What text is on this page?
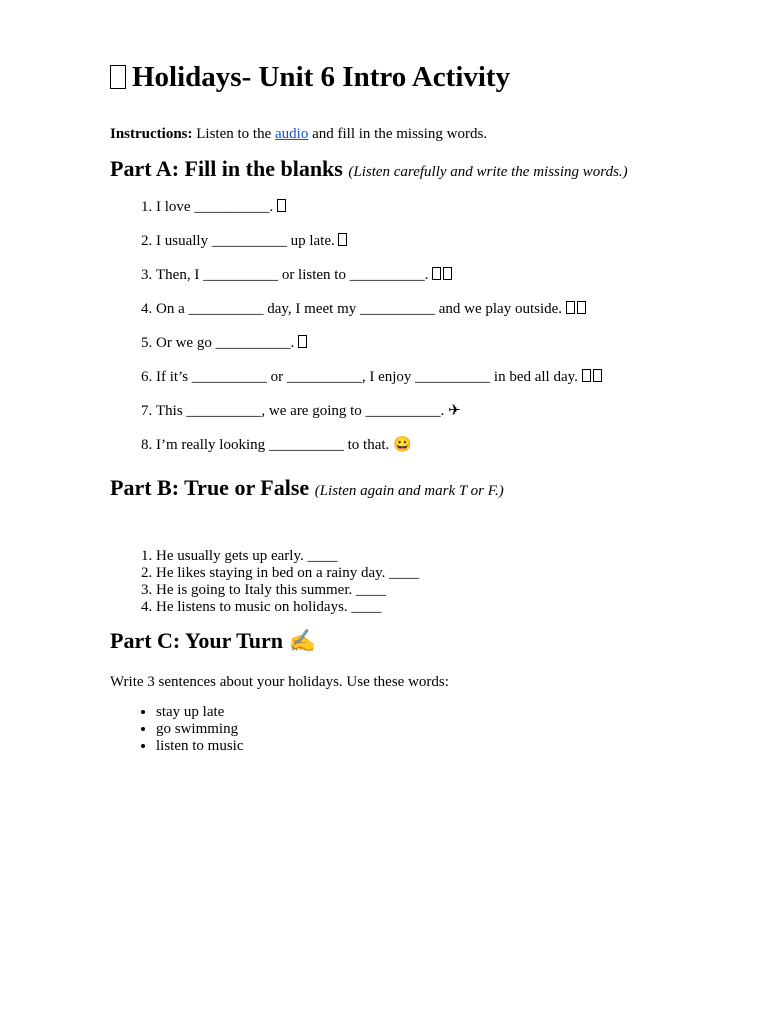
Holidays- Unit 6 Intro Activity
Instructions: Listen to the audio and fill in the missing words.
Part A: Fill in the blanks (Listen carefully and write the missing words.)
1. I love __________.
2. I usually __________ up late.
3. Then, I __________ or listen to __________.
4. On a __________ day, I meet my __________ and we play outside.
5. Or we go __________.
6. If it’s __________ or __________, I enjoy __________ in bed all day.
7. This __________, we are going to __________. ✈
8. I’m really looking __________ to that. 😀
Part B: True or False (Listen again and mark T or F.)
1. He usually gets up early. ____
2. He likes staying in bed on a rainy day. ____
3. He is going to Italy this summer. ____
4. He listens to music on holidays. ____
Part C: Your Turn ✍
Write 3 sentences about your holidays. Use these words:
• stay up late
• go swimming
• listen to music
